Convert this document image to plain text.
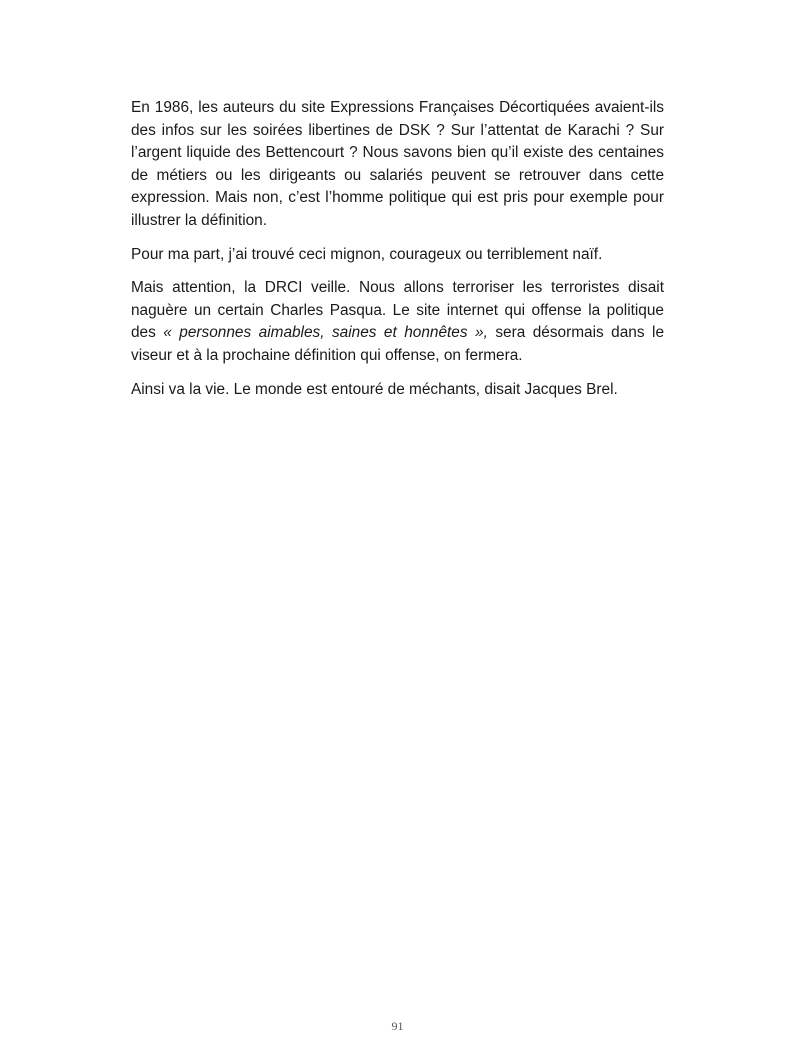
En 1986, les auteurs du site Expressions Françaises Décortiquées avaient-ils des infos sur les soirées libertines de DSK ? Sur l’attentat de Karachi ? Sur l’argent liquide des Bettencourt ? Nous savons bien qu’il existe des centaines de métiers ou les dirigeants ou salariés peuvent se retrouver dans cette expression. Mais non, c’est l’homme politique qui est pris pour exemple pour illustrer la définition.

Pour ma part, j’ai trouvé ceci mignon, courageux ou terriblement naïf.

Mais attention, la DRCI veille. Nous allons terroriser les terroristes disait naguère un certain Charles Pasqua. Le site internet qui offense la politique des « personnes aimables, saines et honnêtes », sera désormais dans le viseur et à la prochaine définition qui offense, on fermera.

Ainsi va la vie. Le monde est entouré de méchants, disait Jacques Brel.

91
